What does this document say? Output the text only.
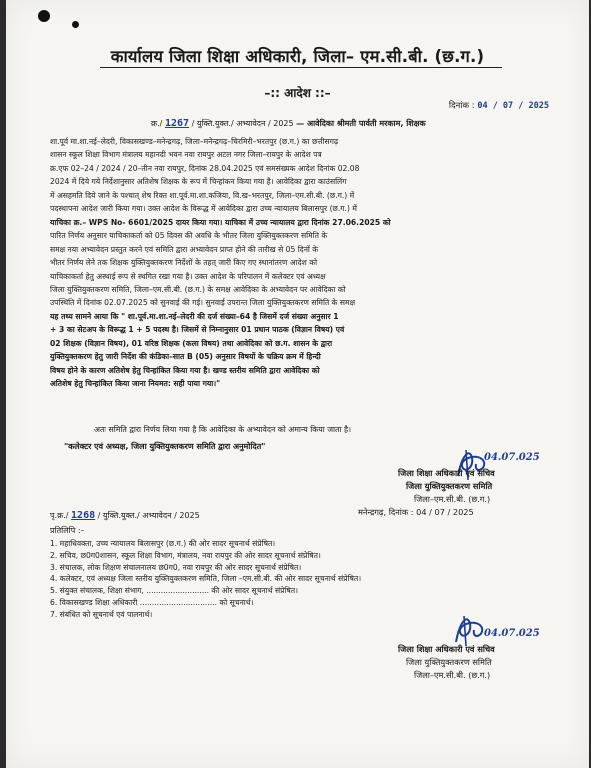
कार्यालय जिला शिक्षा अधिकारी, जिला– एम.सी.बी. (छ.ग.)
–:: आदेश ::–
दिनांक : 04 / 07 / 2025
क्र./ 1267 / युक्ति.युक्त./ अभ्यावेदन / 2025 — आवेदिका श्रीमती पार्वती मरकाम, शिक्षक
शा.पूर्व मा.शा.नई–लेदरी, विकासखण्ड–मनेन्द्रगढ़, जिला–मनेन्द्रगढ़–चिरमिरी–भरतपुर (छ.ग.) का छत्तीसगढ़
शासन स्कूल शिक्षा विभाग मंत्रालय महानदी भवन नवा रायपुर अटल नगर जिला–रायपुर के आदेश पत्र
क्र.एफ 02–24 / 2024 / 20–तीन नवा रायपुर, दिनांक 28.04.2025 एवं समसंख्यक आदेश दिनांक 02.08
2024 में दिये गये निर्देशानुसार अतिशेष शिक्षक के रूप में चिन्हांकन किया गया है। आवेदिका द्वारा काउंसलिंग
में असहमति दिये जाने के पश्चात् शेष रिक्त शा.पूर्व.मा.शा.कजिया, वि.ख–भरतपुर, जिला–एम.सी.बी. (छ.ग.) में
पदस्थापना आदेश जारी किया गया। उक्त आदेश के विरूद्ध में आवेदिका द्वारा उच्च न्यायालय बिलासपुर (छ.ग.) में
याचिका क्र.– WPS No- 6601/2025 दायर किया गया। याचिका में उच्च न्यायालय द्वारा दिनांक 27.06.2025 को
पारित निर्णय अनुसार याचिकाकर्ता को 05 दिवस की अवधि के भीतर जिला युक्तियुक्तकरण समिति के
समक्ष नया अभ्यावेदन प्रस्तुत करने एवं समिति द्वारा अभ्यावेदन प्राप्त होने की तारीख से 05 दिनों के
भीतर निर्णय लेने तक शिक्षक युक्तियुक्तकरण निर्देशों के तहत् जारी किए गए स्थानांतरण आदेश को
याचिकाकर्ता हेतु अस्थाई रूप से स्थगित रखा गया है। उक्त आदेश के परिपालन में कलेक्टर एवं अध्यक्ष
जिला युक्तियुक्तकरण समिति, जिला–एम.सी.बी. (छ.ग.) के समक्ष आवेदिका के अभ्यावेदन पर आवेदिका को
उपस्थिति में दिनांक 02.07.2025 को सुनवाई की गई। सुनवाई उपरान्त जिला युक्तियुक्तकरण समिति के समक्ष
यह तथ्य सामने आया कि " शा.पूर्व.मा.शा.नई–लेदरी की दर्ज संख्या–64 है जिसमें दर्ज संख्या अनुसार 1
+ 3 का सेटअप के विरूद्ध 1 + 5 पदस्थ है। जिसमें से निम्नानुसार 01 प्रधान पाठक (विज्ञान विषय) एवं
02 शिक्षक (विज्ञान विषय), 01 वरिष्ठ शिक्षक (कला विषय) तथा आवेदिका को छ.ग. शासन के द्वारा
युक्तियुक्तकरण हेतु जारी निर्देश की कंडिका–सात B (05) अनुसार विषयों के चक्रिय क्रम में हिन्दी
विषय होने के कारण अतिशेष हेतु चिन्हांकित किया गया है। खण्ड स्तरीय समिति द्वारा आवेदिका को
अतिशेष हेतु चिन्हांकित किया जाना नियमत: सही पाया गया।"
अतः समिति द्वारा निर्णय लिया गया है कि आवेदिका के अभ्यावेदन को अमान्य किया जाता है।
"कलेक्टर एवं अध्यक्ष, जिला युक्तियुक्तकरण समिति द्वारा अनुमोदित"
04.07.025
जिला शिक्षा अधिकारी एवं सचिव
जिला युक्तियुक्तकरण समिति
जिला–एम.सी.बी. (छ.ग.)
मनेन्द्रगढ़, दिनांक : 04 / 07 / 2025
पृ.क्र./ 1268 / युक्ति.युक्त./ अभ्यावेदन / 2025
प्रतिलिपि :–
1. महाधिवक्ता, उच्च न्यायालय बिलासपुर (छ.ग.) की ओर सादर सूचनार्थ संप्रेषित।
2. सचिव, छ0ग0शासन, स्कूल शिक्षा विभाग, मंत्रालय, नवा रायपुर की ओर सादर सूचनार्थ संप्रेषित।
3. संचालक, लोक शिक्षण संचालनालय छ0ग0, नवा रायपुर की ओर सादर सूचनार्थ संप्रेषित।
4. कलेक्टर, एवं अध्यक्ष जिला स्तरीय युक्तियुक्तकरण समिति, जिला –एम.सी.बी. की ओर सादर सूचनार्थ संप्रेषित।
5. संयुक्त संचालक, शिक्षा संभाग, .......................... की ओर सादर सूचनार्थ संप्रेषित।
6. विकासखण्ड शिक्षा अधिकारी ................................ को सूचनार्थ।
7. संबंधित को सूचनार्थ एवं पालनार्थ।
04.07.025
जिला शिक्षा अधिकारी एवं सचिव
जिला युक्तियुक्तकरण समिति
जिला–एम.सी.बी. (छ.ग.)
